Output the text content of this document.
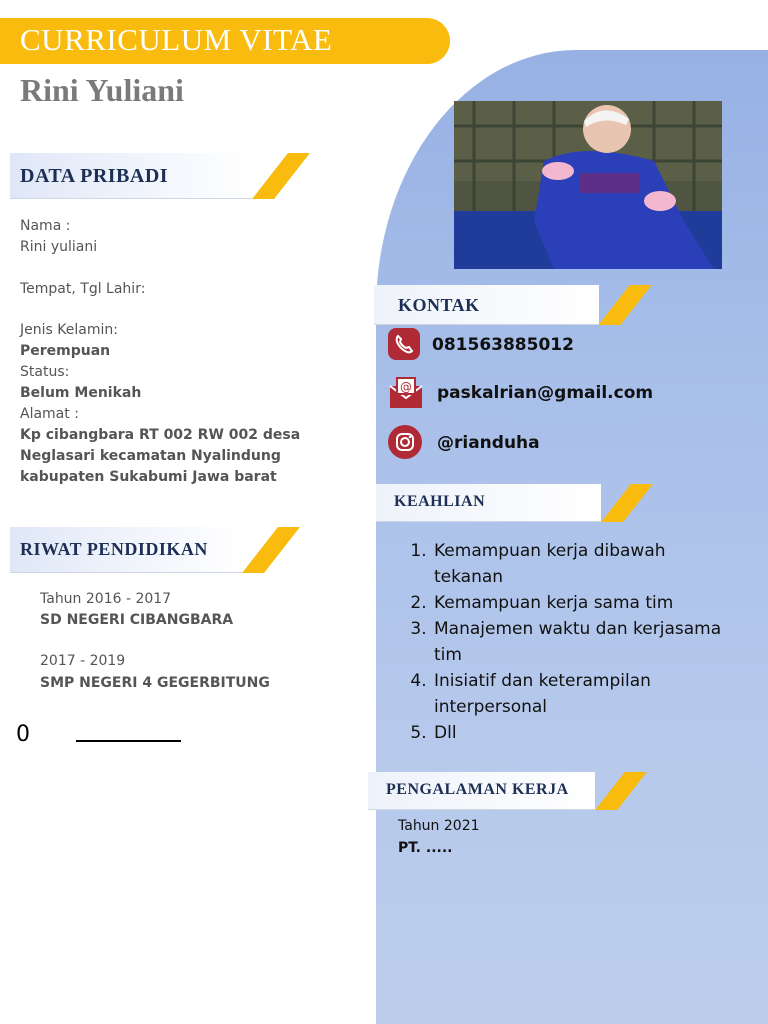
CURRICULUM VITAE
Rini Yuliani
DATA PRIBADI
Nama :
Rini yuliani
Tempat, Tgl Lahir:
Jenis Kelamin:
Perempuan
Status:
Belum Menikah
Alamat :
Kp cibangbara RT 002 RW 002 desa
Neglasari kecamatan Nyalindung
kabupaten Sukabumi Jawa barat
RIWAT PENDIDIKAN
Tahun 2016 - 2017
SD NEGERI CIBANGBARA
2017 - 2019
SMP NEGERI 4 GEGERBITUNG
0
KONTAK
081563885012
@ paskalrian@gmail.com
@rianduha
KEAHLIAN
1. Kemampuan kerja dibawah tekanan
2. Kemampuan kerja sama tim
3. Manajemen waktu dan kerjasama tim
4. Inisiatif dan keterampilan interpersonal
5. Dll
PENGALAMAN KERJA
Tahun 2021
PT. .....
